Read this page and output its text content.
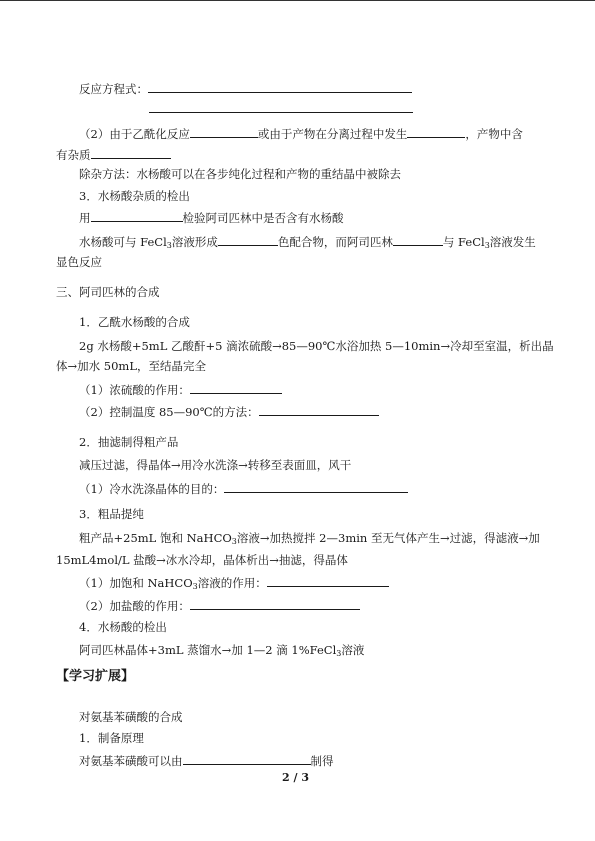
反应方程式：
（2）由于乙酰化反应	或由于产物在分离过程中发生	，产物中含
有杂质
除杂方法：水杨酸可以在各步纯化过程和产物的重结晶中被除去
3．水杨酸杂质的检出
用	检验阿司匹林中是否含有水杨酸
水杨酸可与 FeCl$_3$溶液形成	色配合物，而阿司匹林	与 FeCl$_3$溶液发生
显色反应
三、阿司匹林的合成
1．乙酰水杨酸的合成
2g 水杨酸+5mL 乙酸酐+5 滴浓硫酸→85—90℃水浴加热 5—10min→冷却至室温，析出晶
体→加水 50mL，至结晶完全
（1）浓硫酸的作用：
（2）控制温度 85—90℃的方法：
2．抽滤制得粗产品
减压过滤，得晶体→用冷水洗涤→转移至表面皿，风干
（1）冷水洗涤晶体的目的：
3．粗品提纯
粗产品+25mL 饱和 NaHCO$_3$溶液→加热搅拌 2—3min 至无气体产生→过滤，得滤液→加
15mL4mol/L 盐酸→冰水冷却，晶体析出→抽滤，得晶体
（1）加饱和 NaHCO$_3$溶液的作用：
（2）加盐酸的作用：
4．水杨酸的检出
阿司匹林晶体+3mL 蒸馏水→加 1—2 滴 1%FeCl$_3$溶液
【学习扩展】
对氨基苯磺酸的合成
1．制备原理
对氨基苯磺酸可以由	制得
2 / 3
